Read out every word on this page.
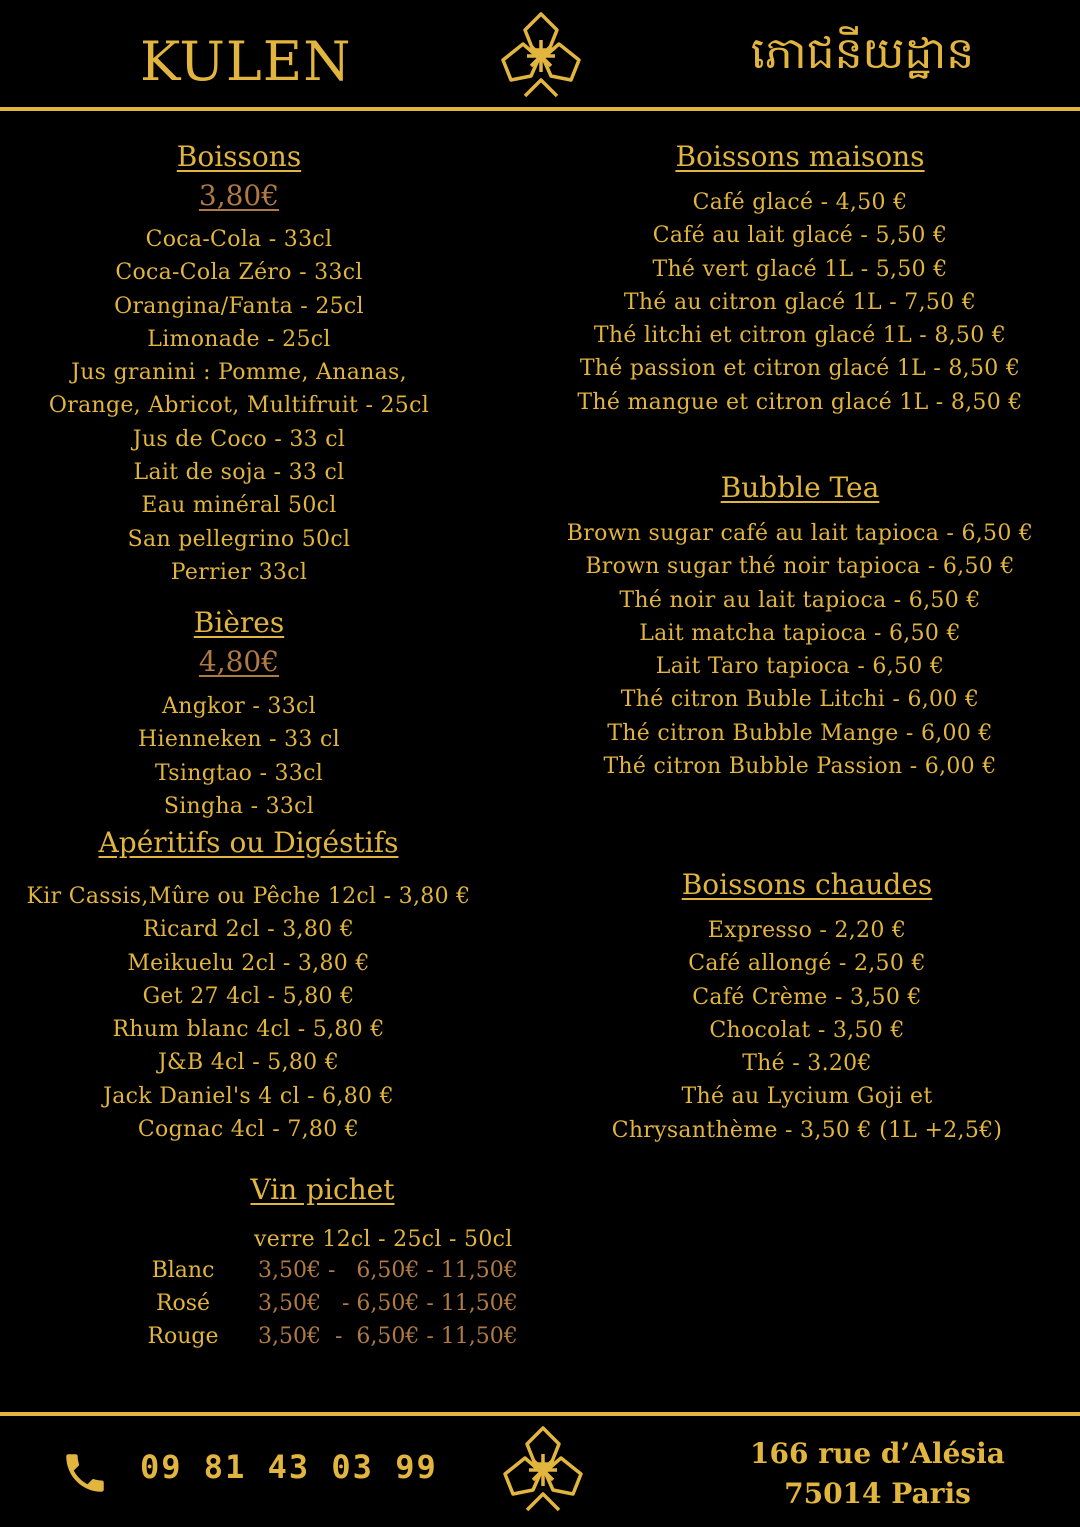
KULEN	ភោជនីយដ្ឋាន
Boissons
3,80€
Coca-Cola - 33cl
Coca-Cola Zéro - 33cl
Orangina/Fanta - 25cl
Limonade - 25cl
Jus granini : Pomme, Ananas,
Orange, Abricot, Multifruit - 25cl
Jus de Coco - 33 cl
Lait de soja - 33 cl
Eau minéral 50cl
San pellegrino 50cl
Perrier 33cl
Bières
4,80€
Angkor - 33cl
Hienneken - 33 cl
Tsingtao - 33cl
Singha - 33cl
Apéritifs ou Digéstifs
Kir Cassis,Mûre ou Pêche 12cl - 3,80 €
Ricard 2cl - 3,80 €
Meikuelu 2cl - 3,80 €
Get 27 4cl - 5,80 €
Rhum blanc 4cl - 5,80 €
J&B 4cl - 5,80 €
Jack Daniel's 4 cl - 6,80 €
Cognac 4cl - 7,80 €
Vin pichet
verre 12cl - 25cl - 50cl
Blanc	3,50€ -   6,50€ - 11,50€
Rosé	3,50€   - 6,50€ - 11,50€
Rouge	3,50€  -  6,50€ - 11,50€
Boissons maisons
Café glacé - 4,50 €
Café au lait glacé - 5,50 €
Thé vert glacé 1L - 5,50 €
Thé au citron glacé 1L - 7,50 €
Thé litchi et citron glacé 1L - 8,50 €
Thé passion et citron glacé 1L - 8,50 €
Thé mangue et citron glacé 1L - 8,50 €
Bubble Tea
Brown sugar café au lait tapioca - 6,50 €
Brown sugar thé noir tapioca - 6,50 €
Thé noir au lait tapioca - 6,50 €
Lait matcha tapioca - 6,50 €
Lait Taro tapioca - 6,50 €
Thé citron Buble Litchi - 6,00 €
Thé citron Bubble Mange - 6,00 €
Thé citron Bubble Passion - 6,00 €
Boissons chaudes
Expresso - 2,20 €
Café allongé - 2,50 €
Café Crème - 3,50 €
Chocolat - 3,50 €
Thé - 3.20€
Thé au Lycium Goji et
Chrysanthème - 3,50 € (1L +2,5€)
09 81 43 03 99	166 rue d’Alésia
75014 Paris
